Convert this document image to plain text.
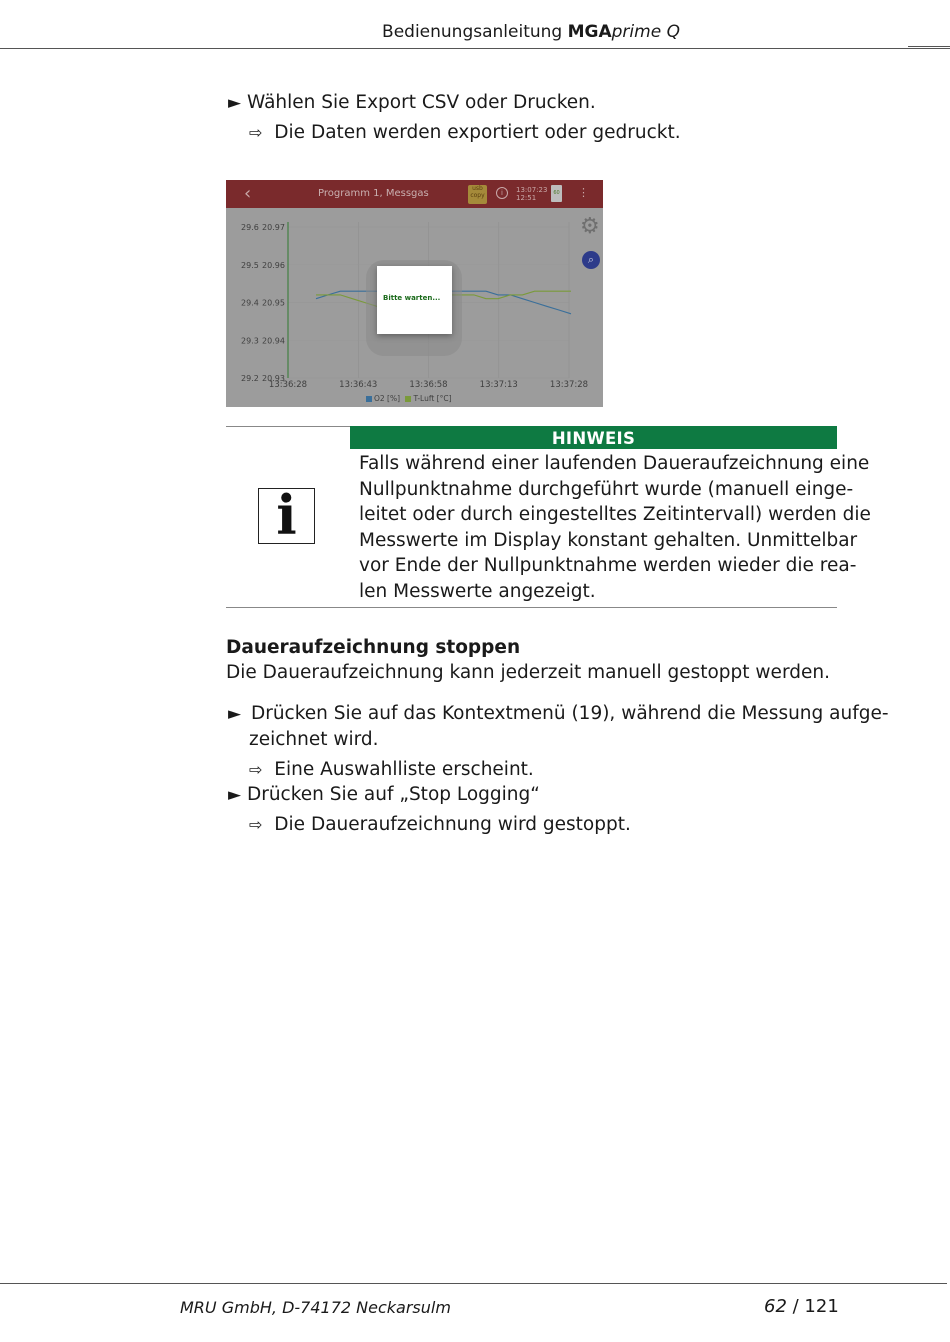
Bedienungsanleitung MGAprime Q
► Wählen Sie Export CSV oder Drucken.
⇨ Die Daten werden exportiert oder gedruckt.
29.6 20.97
29.5 20.96
29.4 20.95
29.3 20.94
29.2 20.93
13:36:28	13:36:43	13:36:58	13:37:13	13:37:28
‹	Programm 1, Messgas	usb copy	i	13:07:23
12:51
60 ⋮
⚙
⌕
O2 [%] T-Luft [°C]
Bitte warten...
HINWEIS
i
Falls während einer laufenden Daueraufzeichnung eine
Nullpunktnahme durchgeführt wurde (manuell einge-
leitet oder durch eingestelltes Zeitintervall) werden die
Messwerte im Display konstant gehalten. Unmittelbar
vor Ende der Nullpunktnahme werden wieder die rea-
len Messwerte angezeigt.
Daueraufzeichnung stoppen
Die Daueraufzeichnung kann jederzeit manuell gestoppt werden.
► Drücken Sie auf das Kontextmenü (19), während die Messung aufge-
zeichnet wird.
⇨ Eine Auswahlliste erscheint.
► Drücken Sie auf „Stop Logging“
⇨ Die Daueraufzeichnung wird gestoppt.
MRU GmbH, D-74172 Neckarsulm	62 / 121
